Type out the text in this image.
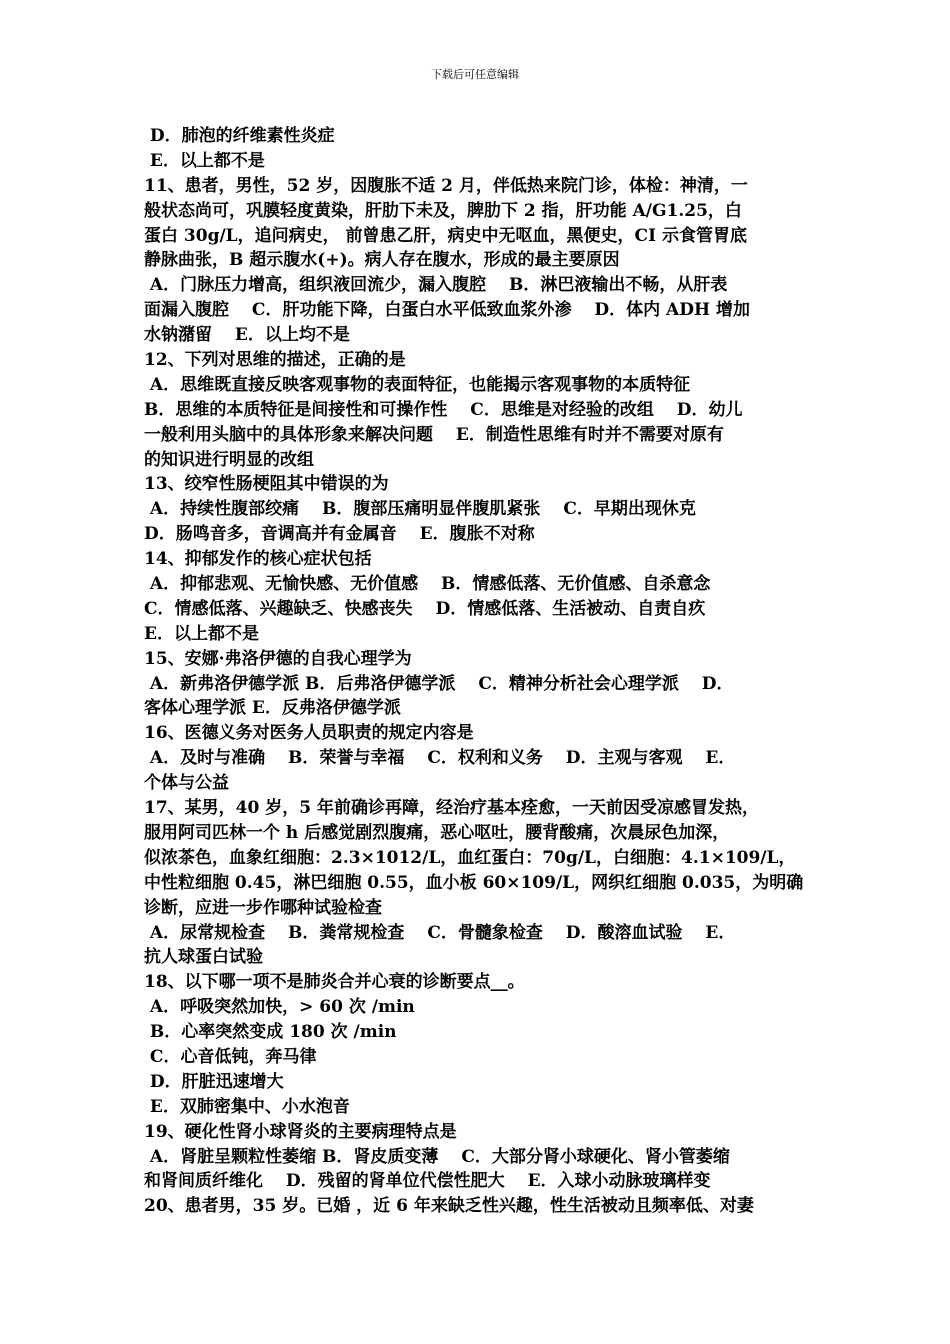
下载后可任意编辑
D．肺泡的纤维素性炎症
E．以上都不是
11、患者，男性，52 岁，因腹胀不适 2 月，伴低热来院门诊，体检：神清，一
般状态尚可，巩膜轻度黄染，肝肋下未及，脾肋下 2 指，肝功能 A/G1.25，白
蛋白 30g/L，追问病史， 前曾患乙肝，病史中无呕血，黑便史，CI 示食管胃底
静脉曲张，B 超示腹水(+)。病人存在腹水，形成的最主要原因
A．门脉压力增高，组织液回流少，漏入腹腔　 B．淋巴液输出不畅，从肝表
面漏入腹腔　 C．肝功能下降，白蛋白水平低致血浆外渗　 D．体内 ADH 增加
水钠潴留　 E．以上均不是
12、下列对思维的描述，正确的是
A．思维既直接反映客观事物的表面特征，也能揭示客观事物的本质特征
B．思维的本质特征是间接性和可操作性　 C．思维是对经验的改组　 D．幼儿
一般利用头脑中的具体形象来解决问题　 E．制造性思维有时并不需要对原有
的知识进行明显的改组
13、绞窄性肠梗阻其中错误的为
A．持续性腹部绞痛　 B．腹部压痛明显伴腹肌紧张　 C．早期出现休克
D．肠鸣音多，音调高并有金属音　 E．腹胀不对称
14、抑郁发作的核心症状包括
A．抑郁悲观、无愉快感、无价值感　 B．情感低落、无价值感、自杀意念
C．情感低落、兴趣缺乏、快感丧失　 D．情感低落、生活被动、自责自疚
E．以上都不是
15、安娜·弗洛伊德的自我心理学为
A．新弗洛伊德学派 B．后弗洛伊德学派　 C．精神分析社会心理学派　 D．
客体心理学派 E．反弗洛伊德学派
16、医德义务对医务人员职责的规定内容是
A．及时与准确　 B．荣誉与幸福　 C．权利和义务　 D．主观与客观　 E．
个体与公益
17、某男，40 岁，5 年前确诊再障，经治疗基本痊愈，一天前因受凉感冒发热，
服用阿司匹林一个 h 后感觉剧烈腹痛，恶心呕吐，腰背酸痛，次晨尿色加深，
似浓茶色，血象红细胞：2.3×1012/L，血红蛋白：70g/L，白细胞：4.1×109/L，
中性粒细胞 0.45，淋巴细胞 0.55，血小板 60×109/L，网织红细胞 0.035，为明确
诊断，应进一步作哪种试验检查
A．尿常规检查　 B．粪常规检查　 C．骨髓象检查　 D．酸溶血试验　 E．
抗人球蛋白试验
18、以下哪一项不是肺炎合并心衰的诊断要点__。
A．呼吸突然加快，> 60 次 /min
B．心率突然变成 180 次 /min
C．心音低钝，奔马律
D．肝脏迅速增大
E．双肺密集中、小水泡音
19、硬化性肾小球肾炎的主要病理特点是
A．肾脏呈颗粒性萎缩 B．肾皮质变薄　 C．大部分肾小球硬化、肾小管萎缩
和肾间质纤维化　 D．残留的肾单位代偿性肥大　 E．入球小动脉玻璃样变
20、患者男，35 岁。已婚 ，近 6 年来缺乏性兴趣，性生活被动且频率低、对妻
